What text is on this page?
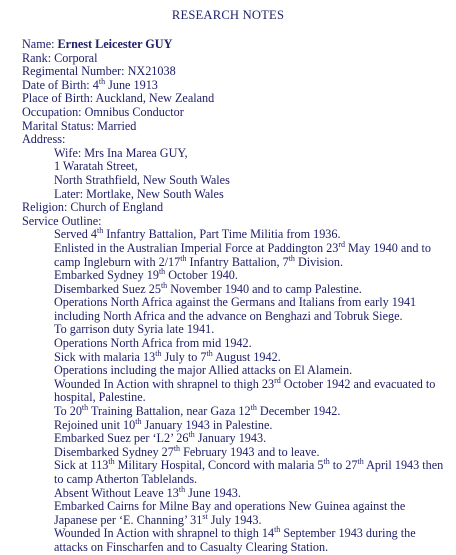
RESEARCH NOTES
Name: Ernest Leicester GUY
Rank: Corporal
Regimental Number: NX21038
Date of Birth: 4th June 1913
Place of Birth: Auckland, New Zealand
Occupation: Omnibus Conductor
Marital Status: Married
Address:
Wife: Mrs Ina Marea GUY,
1 Waratah Street,
North Strathfield, New South Wales
Later: Mortlake, New South Wales
Religion: Church of England
Service Outline:
Served 4th Infantry Battalion, Part Time Militia from 1936.
Enlisted in the Australian Imperial Force at Paddington 23rd May 1940 and to camp Ingleburn with 2/17th Infantry Battalion, 7th Division.
Embarked Sydney 19th October 1940.
Disembarked Suez 25th November 1940 and to camp Palestine.
Operations North Africa against the Germans and Italians from early 1941 including North Africa and the advance on Benghazi and Tobruk Siege.
To garrison duty Syria late 1941.
Operations North Africa from mid 1942.
Sick with malaria 13th July to 7th August 1942.
Operations including the major Allied attacks on El Alamein.
Wounded In Action with shrapnel to thigh 23rd October 1942 and evacuated to hospital, Palestine.
To 20th Training Battalion, near Gaza 12th December 1942.
Rejoined unit 10th January 1943 in Palestine.
Embarked Suez per ‘L2’ 26th January 1943.
Disembarked Sydney 27th February 1943 and to leave.
Sick at 113th Military Hospital, Concord with malaria 5th to 27th April 1943 then to camp Atherton Tablelands.
Absent Without Leave 13th June 1943.
Embarked Cairns for Milne Bay and operations New Guinea against the Japanese per ‘E. Channing’ 31st July 1943.
Wounded In Action with shrapnel to thigh 14th September 1943 during the attacks on Finscharfen and to Casualty Clearing Station.
